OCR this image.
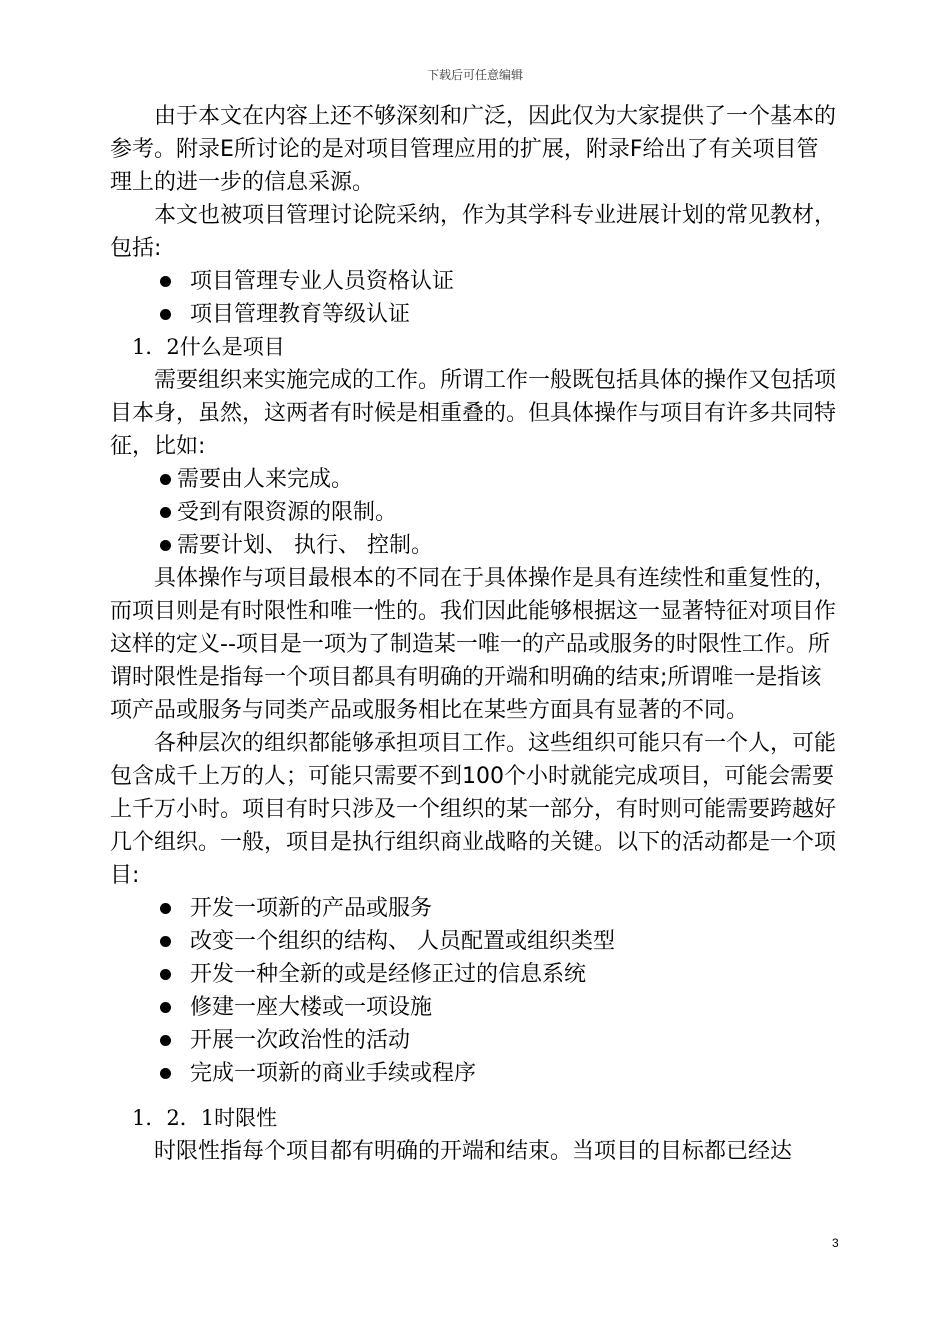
下载后可任意编辑

由于本文在内容上还不够深刻和广泛，因此仅为大家提供了一个基本的参考。附录E所讨论的是对项目管理应用的扩展，附录F给出了有关项目管理上的进一步的信息采源。

本文也被项目管理讨论院采纳，作为其学科专业进展计划的常见教材，包括:

项目管理专业人员资格认证
项目管理教育等级认证

1．2什么是项目

需要组织来实施完成的工作。所谓工作一般既包括具体的操作又包括项目本身，虽然，这两者有时候是相重叠的。但具体操作与项目有许多共同特征，比如:

需要由人来完成。
受到有限资源的限制。
需要计划、 执行、 控制。

具体操作与项目最根本的不同在于具体操作是具有连续性和重复性的，而项目则是有时限性和唯一性的。我们因此能够根据这一显著特征对项目作这样的定义--项目是一项为了制造某一唯一的产品或服务的时限性工作。所谓时限性是指每一个项目都具有明确的开端和明确的结束;所谓唯一是指该项产品或服务与同类产品或服务相比在某些方面具有显著的不同。

各种层次的组织都能够承担项目工作。这些组织可能只有一个人，可能包含成千上万的人；可能只需要不到100个小时就能完成项目，可能会需要上千万小时。项目有时只涉及一个组织的某一部分，有时则可能需要跨越好几个组织。一般，项目是执行组织商业战略的关键。以下的活动都是一个项目:

开发一项新的产品或服务
改变一个组织的结构、 人员配置或组织类型
开发一种全新的或是经修正过的信息系统
修建一座大楼或一项设施
开展一次政治性的活动
完成一项新的商业手续或程序

1．2．1时限性

时限性指每个项目都有明确的开端和结束。当项目的目标都已经达

3
